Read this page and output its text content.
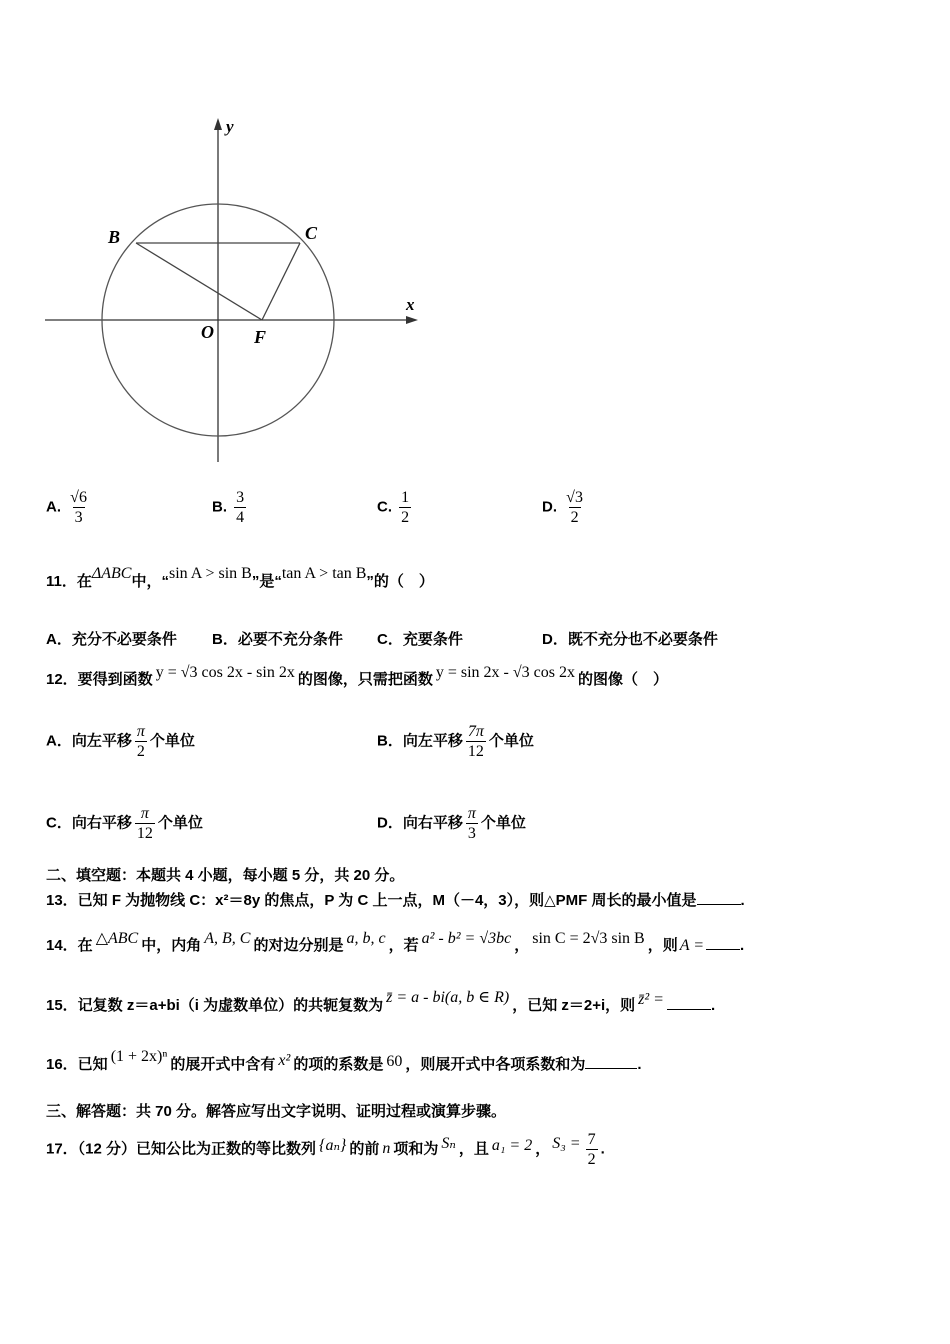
y
x
B	C
O F
A. $\frac{√6}{3}$	B. $\frac{3}{4}$	C. $\frac{1}{2}$	D. $\frac{√3}{2}$
11．在ΔABC中，“sin A > sin B”是“tan A > tan B”的（　）
A．充分不必要条件 B．必要不充分条件 C．充要条件	D．既不充分也不必要条件
12．要得到函数 y = √3 cos 2x - sin 2x 的图像，只需把函数 y = sin 2x - √3 cos 2x 的图像（　）
A．向左平移 $\frac{\pi}{2}$ 个单位	B．向左平移 $\frac{7\pi}{12}$ 个单位
C．向右平移 $\frac{\pi}{12}$ 个单位	D．向右平移 $\frac{\pi}{3}$ 个单位
二、填空题：本题共 4 小题，每小题 5 分，共 20 分。
13．已知 F 为抛物线 C：x²＝8y 的焦点，P 为 C 上一点，M（－4，3），则△PMF 周长的最小值是	.
14．在 △ABC 中，内角 A, B, C 的对边分别是 a, b, c ，若 a² - b² = √3bc ， sin C = 2√3 sin B ，则 A = .
15．记复数 z＝a+bi（i 为虚数单位）的共轭复数为 z̄ = a - bi(a, b ∈ R) ，已知 z＝2+i，则 z̄² =	.
16．已知 (1 + 2x)ⁿ 的展开式中含有 x² 的项的系数是 60 ，则展开式中各项系数和为	.
三、解答题：共 70 分。解答应写出文字说明、证明过程或演算步骤。
17．（12 分）已知公比为正数的等比数列 {aₙ} 的前 n 项和为 Sₙ ，且 a₁ = 2 ， $S_3 = \frac{7}{2}$ .
